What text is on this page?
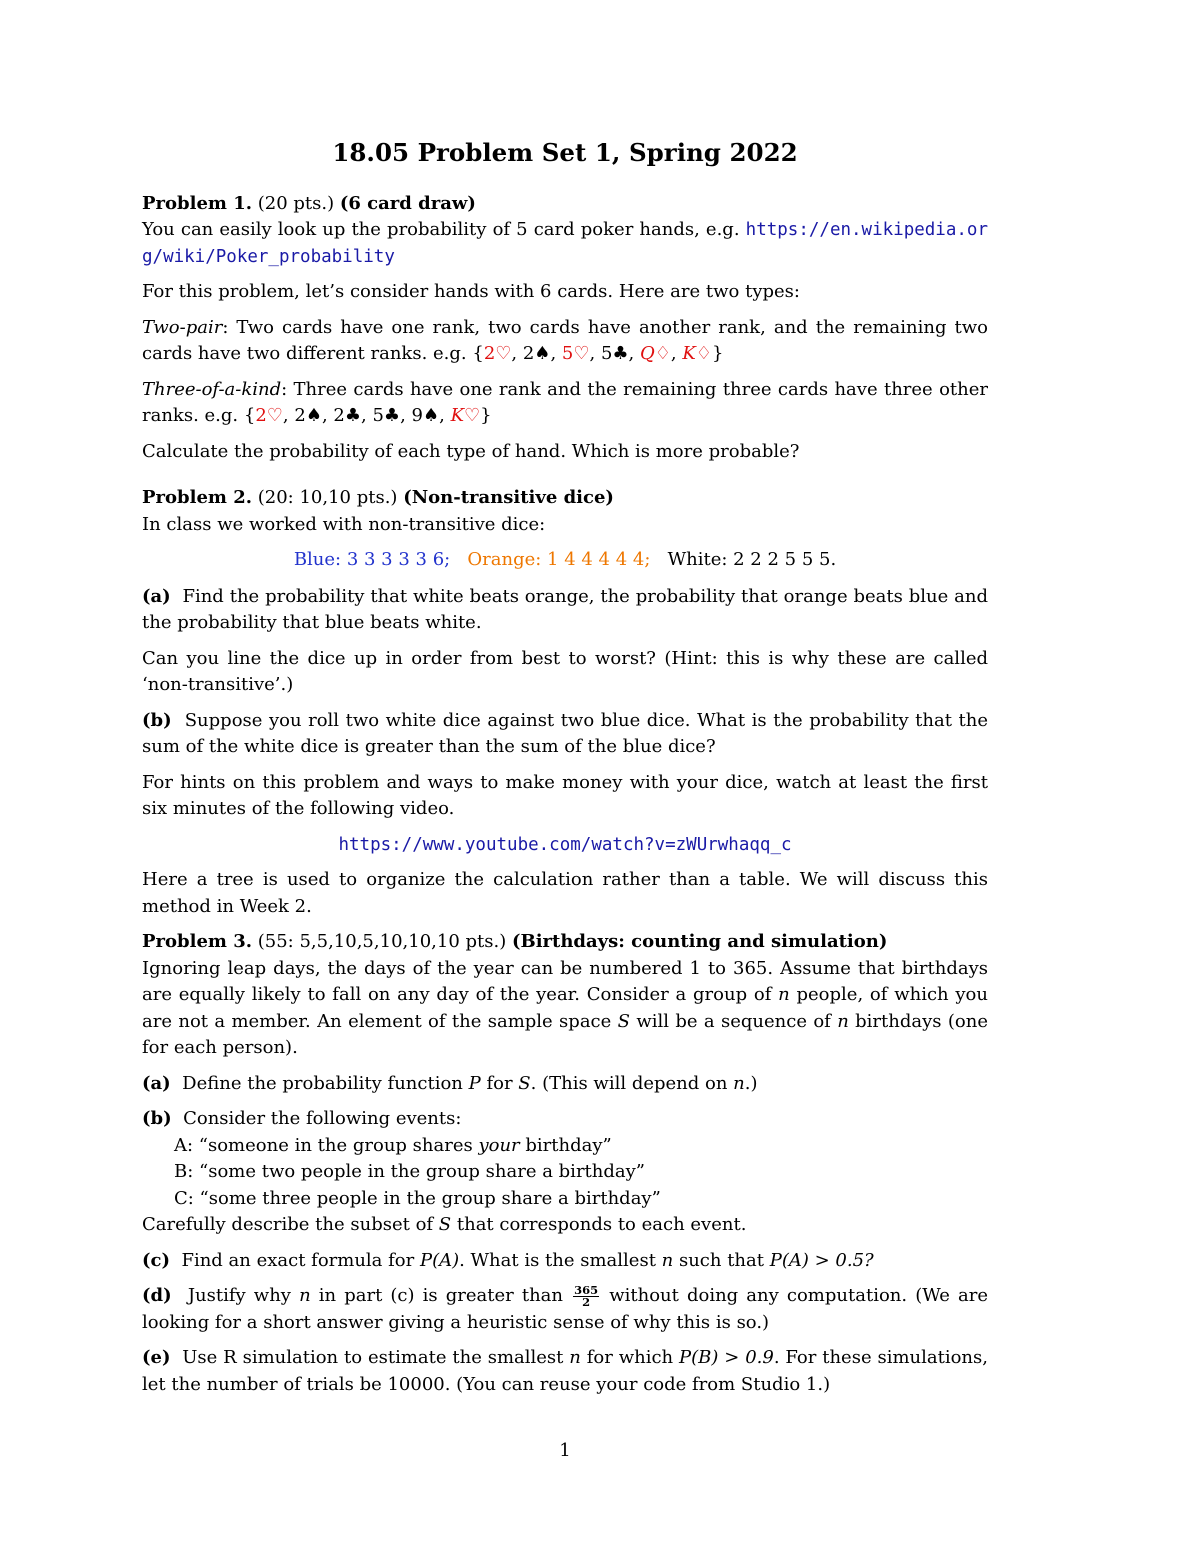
18.05 Problem Set 1, Spring 2022
Problem 1. (20 pts.) (6 card draw)

You can easily look up the probability of 5 card poker hands, e.g. https://en.wikipedia.org/wiki/Poker_probability

For this problem, let’s consider hands with 6 cards. Here are two types:

Two-pair: Two cards have one rank, two cards have another rank, and the remaining two cards have two different ranks. e.g. {2♡, 2♠, 5♡, 5♣, Q♢, K♢}

Three-of-a-kind: Three cards have one rank and the remaining three cards have three other ranks. e.g. {2♡, 2♠, 2♣, 5♣, 9♠, K♡}

Calculate the probability of each type of hand. Which is more probable?

Problem 2. (20: 10,10 pts.) (Non-transitive dice)

In class we worked with non-transitive dice:

Blue: 3 3 3 3 3 6; Orange: 1 4 4 4 4 4; White: 2 2 2 5 5 5.

(a) Find the probability that white beats orange, the probability that orange beats blue and the probability that blue beats white.

Can you line the dice up in order from best to worst? (Hint: this is why these are called ‘non-transitive’.)

(b) Suppose you roll two white dice against two blue dice. What is the probability that the sum of the white dice is greater than the sum of the blue dice?

For hints on this problem and ways to make money with your dice, watch at least the first six minutes of the following video.

https://www.youtube.com/watch?v=zWUrwhaqq_c

Here a tree is used to organize the calculation rather than a table. We will discuss this method in Week 2.

Problem 3. (55: 5,5,10,5,10,10,10 pts.) (Birthdays: counting and simulation)

Ignoring leap days, the days of the year can be numbered 1 to 365. Assume that birthdays are equally likely to fall on any day of the year. Consider a group of n people, of which you are not a member. An element of the sample space S will be a sequence of n birthdays (one for each person).

(a) Define the probability function P for S. (This will depend on n.)

(b) Consider the following events:
A: “someone in the group shares your birthday”
B: “some two people in the group share a birthday”
C: “some three people in the group share a birthday”
Carefully describe the subset of S that corresponds to each event.

(c) Find an exact formula for P(A). What is the smallest n such that P(A) > 0.5?

(d) Justify why n in part (c) is greater than $\frac{365}{2}$ without doing any computation. (We are looking for a short answer giving a heuristic sense of why this is so.)

(e) Use R simulation to estimate the smallest n for which P(B) > 0.9. For these simulations, let the number of trials be 10000. (You can reuse your code from Studio 1.)

1
